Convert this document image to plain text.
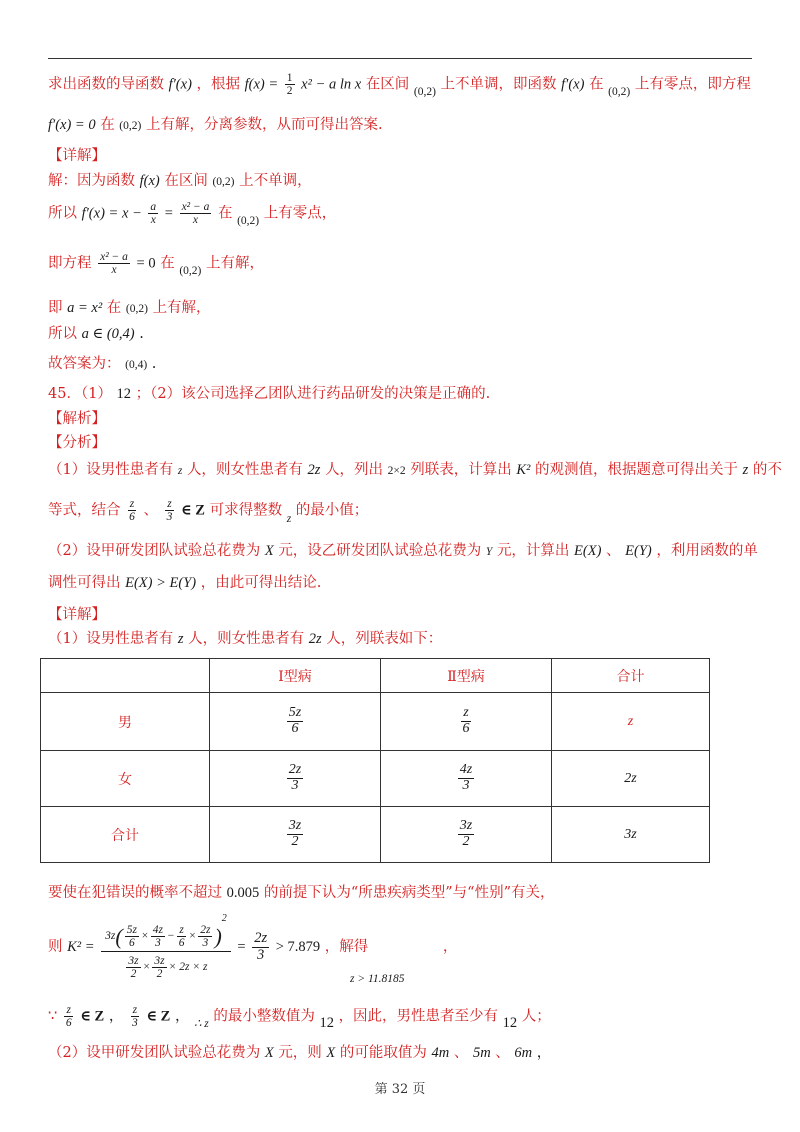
求出函数的导函数 f′(x) ，根据 $f(x) = \frac{1}{2} x^2 - a$ ln x 在区间 $_{(0,2)}$ 上不单调，即函数 f′(x) 在 $_{(0,2)}$ 上有零点，即方程
f′(x) = 0 在 (0,2) 上有解，分离参数，从而可得出答案.
【详解】
解：因为函数 f(x) 在区间 (0,2) 上不单调，
所以 $f'(x) = x - \frac{a}{x} = \frac{\text{x² − a}}{x}$ 在 $_{(0,2)}$ 上有零点，
即方程 $\frac{\text{x² − a}}{x} = 0$ 在 $_{(0,2)}$ 上有解，
即 a = x² 在 (0,2) 上有解，
所以 a ∈ (0,4) .
故答案为： (0,4) .
45．（1） 12 ；（2）该公司选择乙团队进行药品研发的决策是正确的.
【解析】
【分析】
（1）设男性患者有 z 人，则女性患者有 2z 人，列出 2×2 列联表，计算出 K² 的观测值，根据题意可得出关于 z 的不
等式，结合 $\frac{z}{6}$ 、 $\frac{z}{3}$ ∈ Z 可求得整数 $_z$ 的最小值；
（2）设甲研发团队试验总花费为 X 元，设乙研发团队试验总花费为 Y 元，计算出 E(X) 、 E(Y) ，利用函数的单
调性可得出 E(X) > E(Y) ，由此可得出结论.
【详解】
（1）设男性患者有 z 人，则女性患者有 2z 人，列联表如下：
	Ⅰ型病	Ⅱ型病	合计
男	$\frac{5z}{6}$	$\frac{z}{6}$	z
女	$\frac{2z}{3}$	$\frac{4z}{3}$	2z
合计	$\frac{3z}{2}$	$\frac{3z}{2}$	3z
要使在犯错误的概率不超过 0.005 的前提下认为“所患疾病类型”与“性别”有关，
则 $K^2 = \frac{3z( \frac{5z}{6} \times \frac{4z}{3} - \frac{z}{6} \times \frac{2z}{3} )^2}{\frac{3z}{2} \times \frac{3z}{2} \times 2z \times z} = \frac{2z}{3} > 7.879$ ，解得	，
z > 11.8185
∵ $\frac{z}{6}$ ∈ Z ， $\frac{z}{3}$ ∈ Z ， $_{\therefore z}$ 的最小整数值为 12 ，因此，男性患者至少有 12 人；
（2）设甲研发团队试验总花费为 X 元，则 X 的可能取值为 4m 、 5m 、 6m ，
第 32 页
